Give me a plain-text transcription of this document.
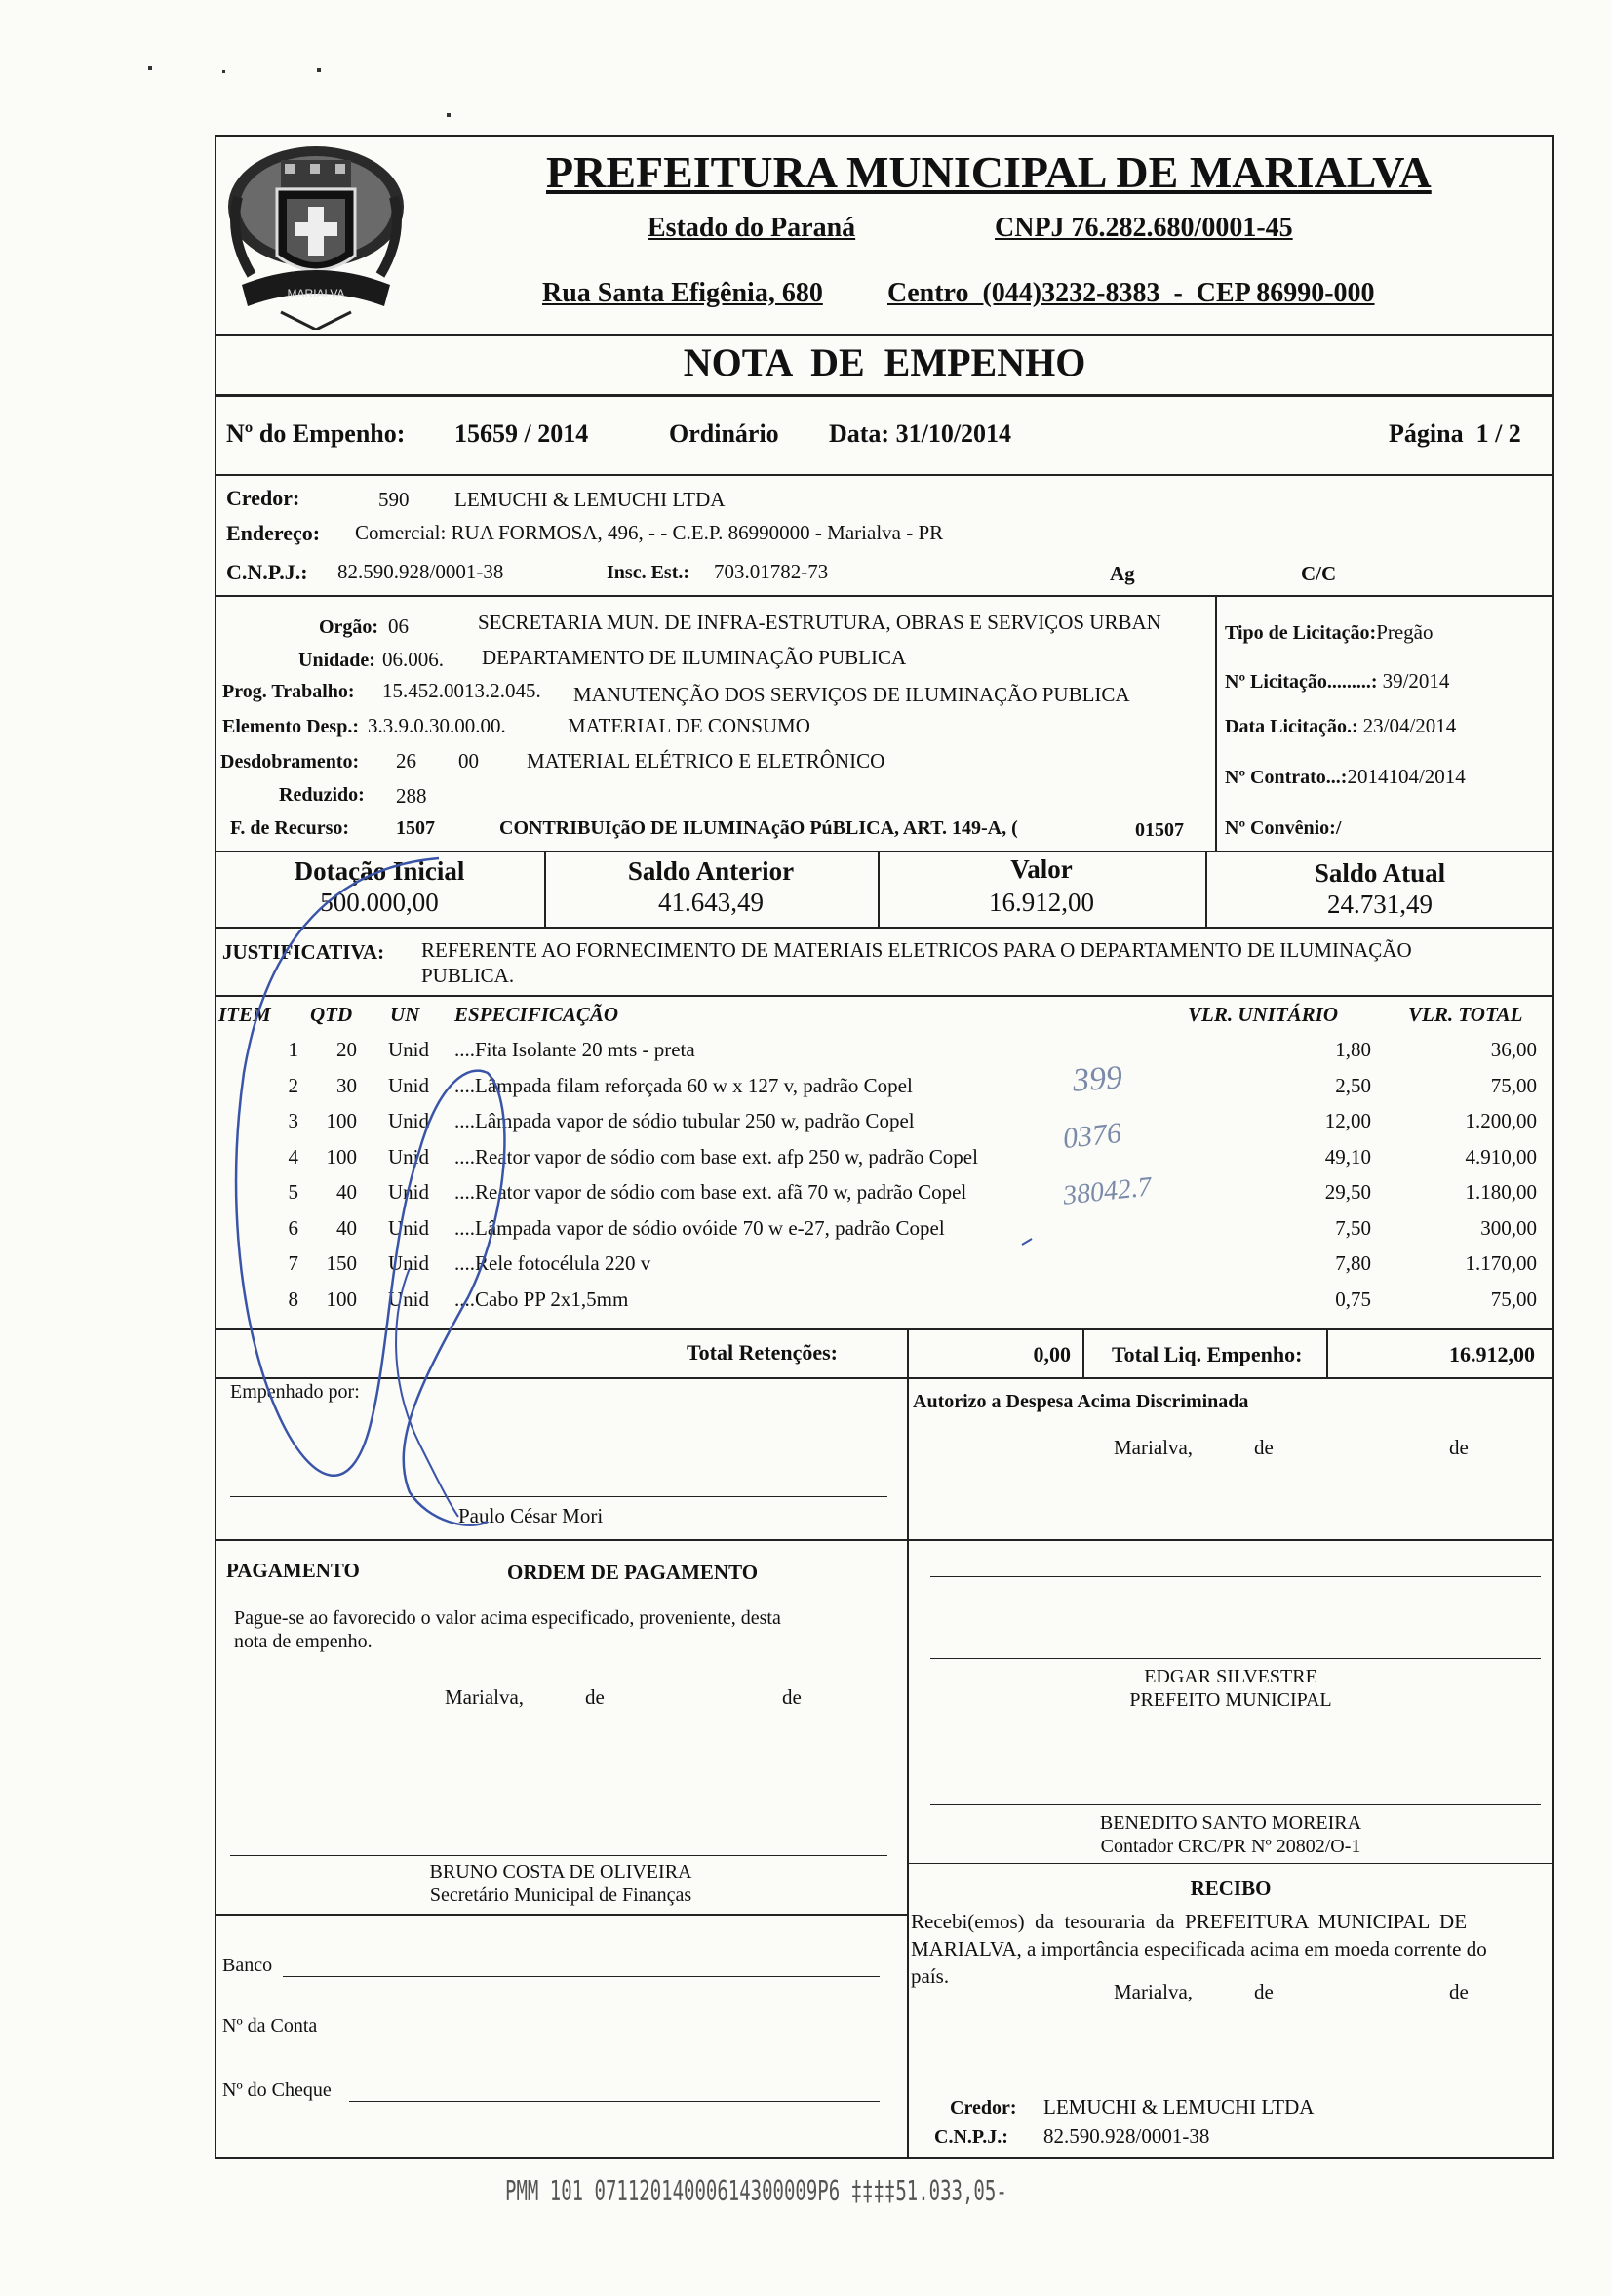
MARIALVA
PREFEITURA MUNICIPAL DE MARIALVA
Estado do Paraná	CNPJ 76.282.680/0001-45
Rua Santa Efigênia, 680 Centro  (044)3232-8383  -  CEP 86990-000
NOTA  DE  EMPENHO
Nº do Empenho: 15659 / 2014	Ordinário Data: 31/10/2014	Página  1 / 2
Credor:	590 LEMUCHI & LEMUCHI LTDA
Endereço: Comercial: RUA FORMOSA, 496, - - C.E.P. 86990000 - Marialva - PR
C.N.P.J.: 82.590.928/0001-38	Insc. Est.: 703.01782-73	Ag	C/C
Orgão: 06	SECRETARIA MUN. DE INFRA-ESTRUTURA, OBRAS E SERVIÇOS URBAN
Unidade: 06.006. DEPARTAMENTO DE ILUMINAÇÃO PUBLICA
Prog. Trabalho: 15.452.0013.2.045. MANUTENÇÃO DOS SERVIÇOS DE ILUMINAÇÃO PUBLICA
Elemento Desp.: 3.3.9.0.30.00.00.	MATERIAL DE CONSUMO
Desdobramento: 26 00 MATERIAL ELÉTRICO E ELETRÔNICO
Reduzido: 288
F. de Recurso: 1507	CONTRIBUIçãO DE ILUMINAçãO PúBLICA, ART. 149-A, (	01507
Tipo de Licitação:Pregão
Nº Licitação.........: 39/2014
Data Licitação.: 23/04/2014
Nº Contrato...:2014104/2014
Nº Convênio:/
Dotação Inicial
500.000,00
Saldo Anterior
41.643,49
Valor
16.912,00
Saldo Atual
24.731,49
JUSTIFICATIVA: REFERENTE AO FORNECIMENTO DE MATERIAIS ELETRICOS PARA O DEPARTAMENTO DE ILUMINAÇÃO
PUBLICA.
ITEM QTD UN ESPECIFICAÇÃO	VLR. UNITÁRIO	VLR. TOTAL
1	20 Unid	....Fita Isolante 20 mts - preta	1,80	36,00
2	30 Unid	....Lâmpada filam reforçada 60 w x 127 v, padrão Copel	2,50	75,00
3	100 Unid	....Lâmpada vapor de sódio tubular 250 w, padrão Copel	12,00	1.200,00
4	100 Unid	....Reator vapor de sódio com base ext. afp 250 w, padrão Copel	49,10	4.910,00
5	40 Unid	....Reator vapor de sódio com base ext. afã 70 w, padrão Copel	29,50	1.180,00
6	40 Unid	....Lâmpada vapor de sódio ovóide 70 w e-27, padrão Copel	7,50	300,00
7	150 Unid	....Rele fotocélula 220 v	7,80	1.170,00
8	100 Unid	....Cabo PP 2x1,5mm	0,75	75,00
399
0376
38042.7
Total Retenções:	0,00 Total Liq. Empenho:	16.912,00
Empenhado por:
Paulo César Mori
Autorizo a Despesa Acima Discriminada
Marialva,	de	de
PAGAMENTO	ORDEM DE PAGAMENTO
Pague-se ao favorecido o valor acima especificado, proveniente, desta
nota de empenho.
Marialva,	de	de
EDGAR SILVESTRE
PREFEITO MUNICIPAL
BENEDITO SANTO MOREIRA
Contador CRC/PR Nº 20802/O-1
BRUNO COSTA DE OLIVEIRA
Secretário Municipal de Finanças	RECIBO
Recebi(emos)  da  tesouraria  da  PREFEITURA  MUNICIPAL  DE
MARIALVA, a importância especificada acima em moeda corrente do
país.
Marialva,	de	de
Banco
Nº da Conta
Nº do Cheque
Credor: LEMUCHI & LEMUCHI LTDA
C.N.P.J.: 82.590.928/0001-38
PMM 101 07112014000614300009P6 ‡‡‡‡51.033,05-
